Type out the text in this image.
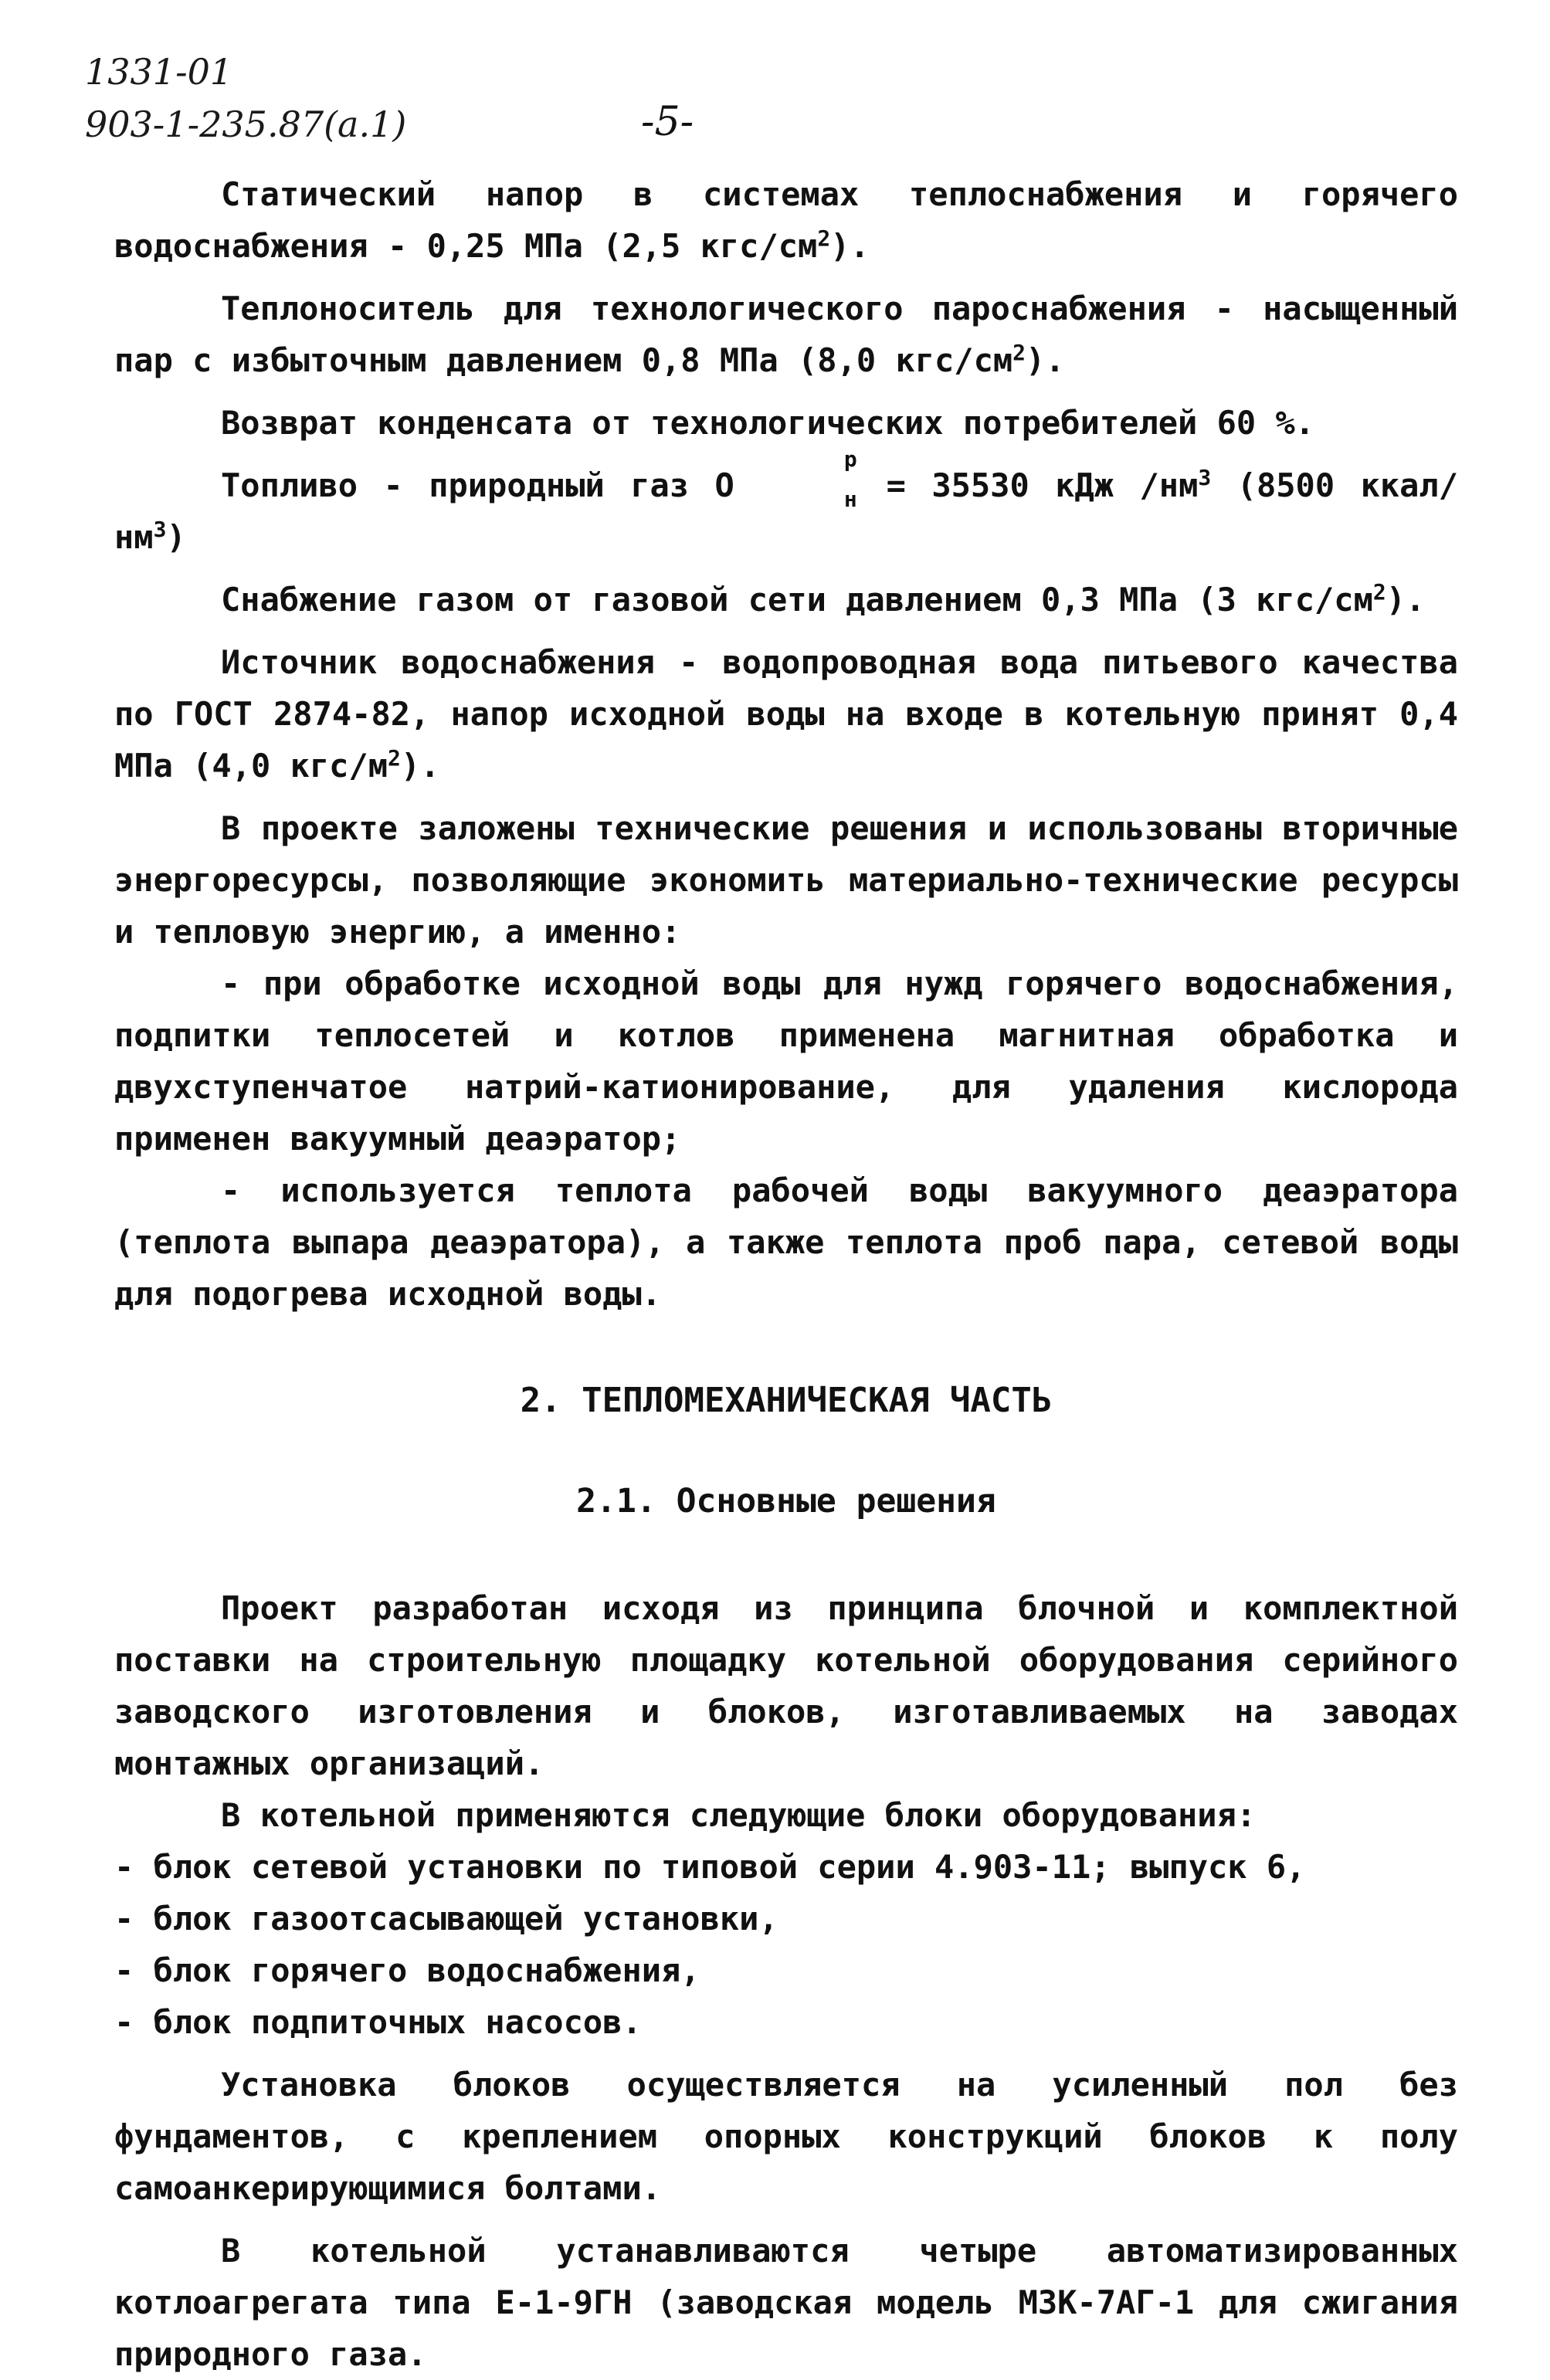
1331-01
903-1-235.87(a.1)	-5-

Статический напор в системах теплоснабжения и горячего водоснабжения - 0,25 МПа (2,5 кгс/$см^2$).

Теплоноситель для технологического пароснабжения - насыщенный пар с избыточным давлением 0,8 МПа (8,0 кгс/$см^2$).

Возврат конденсата от технологических потребителей 60 %.

Топливо - природный газ О
р
н = 35530 кДж $/нм^3$ (8500 ккал/$нм^3$)

Снабжение газом от газовой сети давлением 0,3 МПа (3 кгс/$см^2$).

Источник водоснабжения - водопроводная вода питьевого качества по ГОСТ 2874-82, напор исходной воды на входе в котельную принят 0,4 МПа (4,0 кгс/$м^2$).

В проекте заложены технические решения и использованы вторичные энергоресурсы, позволяющие экономить материально-технические ресурсы и тепловую энергию, а именно:

- при обработке исходной воды для нужд горячего водоснабжения, подпитки теплосетей и котлов применена магнитная обработка и двухступенчатое натрий-катионирование, для удаления кислорода применен вакуумный деаэратор;

- используется теплота рабочей воды вакуумного деаэратора (теплота выпара деаэратора), а также теплота проб пара, сетевой воды для подогрева исходной воды.

2. ТЕПЛОМЕХАНИЧЕСКАЯ ЧАСТЬ
2.1. Основные решения

Проект разработан исходя из принципа блочной и комплектной поставки на строительную площадку котельной оборудования серийного заводского изготовления и блоков, изготавливаемых на заводах монтажных организаций.

В котельной применяются следующие блоки оборудования:

- блок сетевой установки по типовой серии 4.903-11; выпуск 6,

- блок газоотсасывающей установки,

- блок горячего водоснабжения,

- блок подпиточных насосов.

Установка блоков осуществляется на усиленный пол без фундаментов, с креплением опорных конструкций блоков к полу самоанкерирующимися болтами.

В котельной устанавливаются четыре автоматизированных котлоагрегата типа Е-1-9ГН (заводская модель МЗК-7АГ-1 для сжигания природного газа.
